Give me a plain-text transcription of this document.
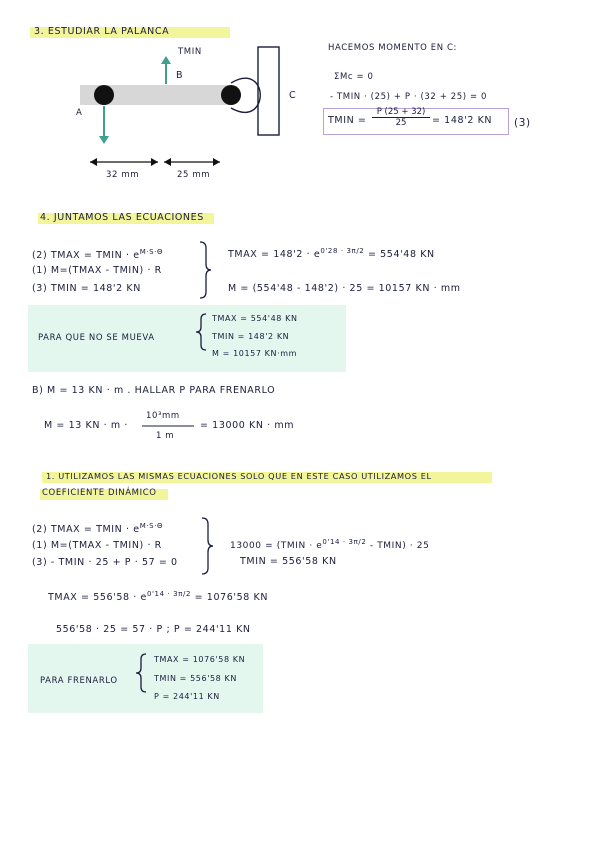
3. ESTUDIAR LA PALANCA
TMIN
B
A
C
32 mm	25 mm
HACEMOS MOMENTO EN C:
ΣMc = 0
- TMIN · (25) + P · (32 + 25) = 0
TMIN = $\frac{P (25 + 32)}{25} = 148'2$ KN (3)
4. JUNTAMOS LAS ECUACIONES
(2) TMAX = TMIN · $e^{M\cdot S\cdot\Theta}$
(1) M=(TMAX - TMIN) · R
(3) TMIN = 148'2 KN
TMAX = $148'2 \cdot e^{0'28 \cdot 3\pi/2} = 554'48$ KN
M = (554'48 - 148'2) · 25 = 10157 KN · mm
PARA QUE NO SE MUEVA
TMAX = 554'48 KN
TMIN = 148'2 KN
M = 10157 KN·mm
B) M = 13 KN · m . HALLAR P PARA FRENARLO
M = 13 KN · m ·
10³mm
1 m
= 13000 KN · mm
1. UTILIZAMOS LAS MISMAS ECUACIONES SOLO QUE EN ESTE CASO UTILIZAMOS EL
COEFICIENTE DINÁMICO
(2) TMAX = TMIN · $e^{M\cdot S\cdot\Theta}$
(1) M=(TMAX - TMIN) · R
(3) - TMIN · 25 + P · 57 = 0
13000 = (TMIN · $e^{0'14 \cdot 3\pi/2}$ - TMIN) · 25
TMIN = 556'58 KN
TMAX = $556'58 \cdot e^{0'14 \cdot 3\pi/2} = 1076'58$ KN
556'58 · 25 = 57 · P ; P = 244'11 KN
PARA FRENARLO
TMAX = 1076'58 KN
TMIN = 556'58 KN
P = 244'11 KN
